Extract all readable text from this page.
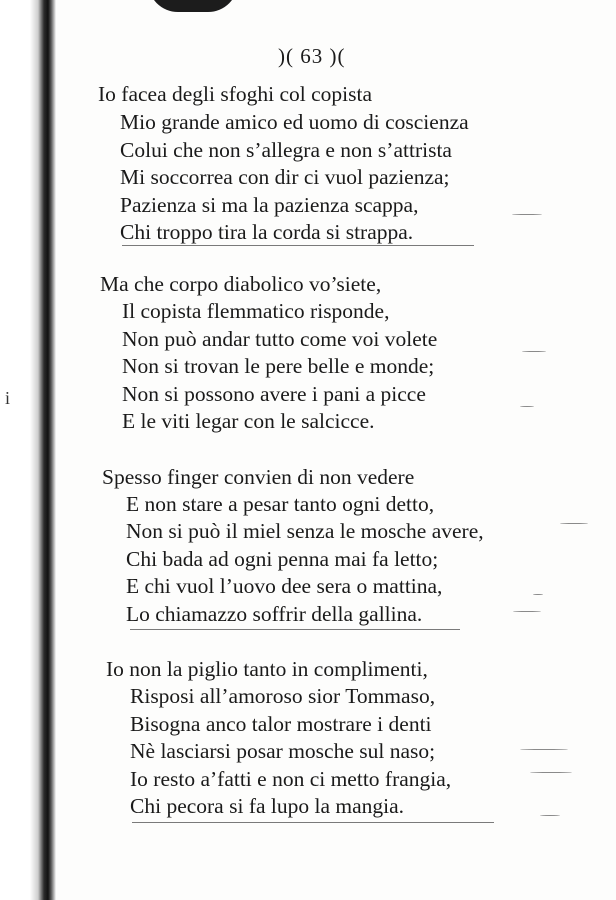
i
)( 63 )(
Io facea degli sfoghi col copista
Mio grande amico ed uomo di coscienza
Colui che non s’allegra e non s’attrista
Mi soccorrea con dir ci vuol pazienza;
Pazienza si ma la pazienza scappa,
Chi troppo tira la corda si strappa.
Ma che corpo diabolico vo’siete,
Il copista flemmatico risponde,
Non può andar tutto come voi volete
Non si trovan le pere belle e monde;
Non si possono avere i pani a picce
E le viti legar con le salcicce.
Spesso finger convien di non vedere
E non stare a pesar tanto ogni detto,
Non si può il miel senza le mosche avere,
Chi bada ad ogni penna mai fa letto;
E chi vuol l’uovo dee sera o mattina,
Lo chiamazzo soffrir della gallina.
Io non la piglio tanto in complimenti,
Risposi all’amoroso sior Tommaso,
Bisogna anco talor mostrare i denti
Nè lasciarsi posar mosche sul naso;
Io resto a’fatti e non ci metto frangia,
Chi pecora si fa lupo la mangia.
